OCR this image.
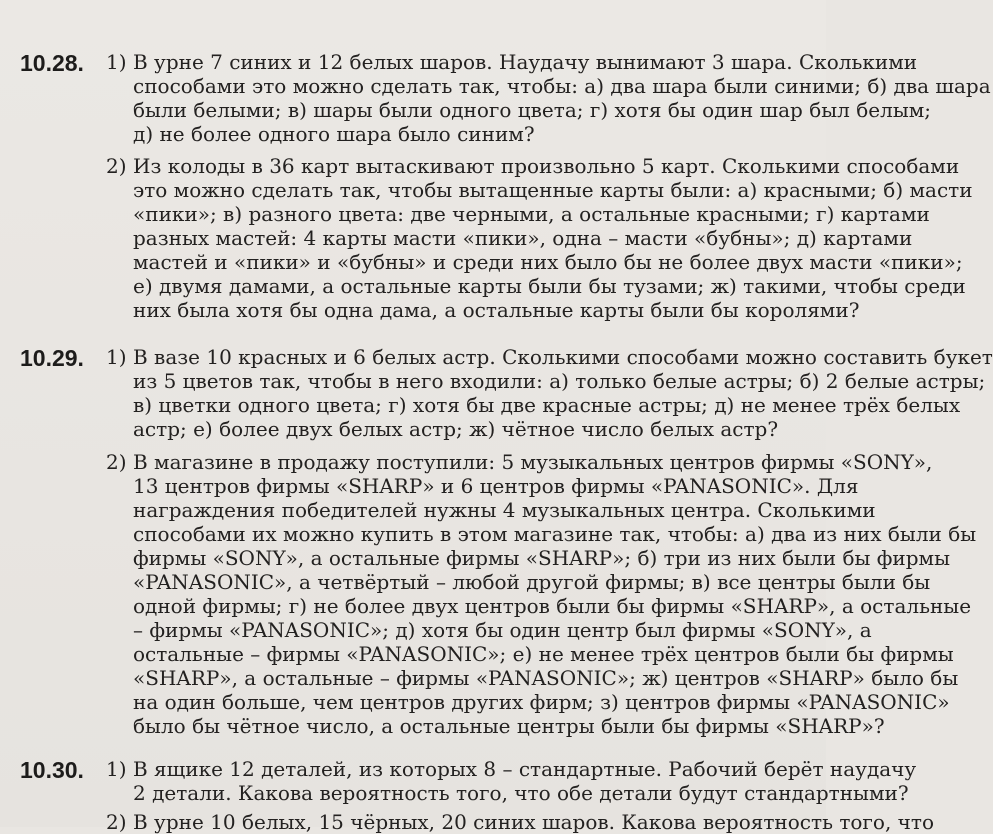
10.28. 1) В урне 7 синих и 12 белых шаров. Наудачу вынимают 3 шара. Сколькими
способами это можно сделать так, чтобы: а) два шара были синими; б) два шара
были белыми; в) шары были одного цвета; г) хотя бы один шар был белым;
д) не более одного шара было синим?
2) Из колоды в 36 карт вытаскивают произвольно 5 карт. Сколькими способами
это можно сделать так, чтобы вытащенные карты были: а) красными; б) масти
«пики»; в) разного цвета: две черными, а остальные красными; г) картами
разных мастей: 4 карты масти «пики», одна – масти «бубны»; д) картами
мастей и «пики» и «бубны» и среди них было бы не более двух масти «пики»;
е) двумя дамами, а остальные карты были бы тузами; ж) такими, чтобы среди
них была хотя бы одна дама, а остальные карты были бы королями?
10.29. 1) В вазе 10 красных и 6 белых астр. Сколькими способами можно составить букет
из 5 цветов так, чтобы в него входили: а) только белые астры; б) 2 белые астры;
в) цветки одного цвета; г) хотя бы две красные астры; д) не менее трёх белых
астр; е) более двух белых астр; ж) чётное число белых астр?
2) В магазине в продажу поступили: 5 музыкальных центров фирмы «SONY»,
13 центров фирмы «SHARP» и 6 центров фирмы «PANASONIC». Для
награждения победителей нужны 4 музыкальных центра. Сколькими
способами их можно купить в этом магазине так, чтобы: а) два из них были бы
фирмы «SONY», а остальные фирмы «SHARP»; б) три из них были бы фирмы
«PANASONIC», а четвёртый – любой другой фирмы; в) все центры были бы
одной фирмы; г) не более двух центров были бы фирмы «SHARP», а остальные
– фирмы «PANASONIC»; д) хотя бы один центр был фирмы «SONY», а
остальные – фирмы «PANASONIC»; е) не менее трёх центров были бы фирмы
«SHARP», а остальные – фирмы «PANASONIC»; ж) центров «SHARP» было бы
на один больше, чем центров других фирм; з) центров фирмы «PANASONIC»
было бы чётное число, а остальные центры были бы фирмы «SHARP»?
10.30. 1) В ящике 12 деталей, из которых 8 – стандартные. Рабочий берёт наудачу
2 детали. Какова вероятность того, что обе детали будут стандартными?
2) В урне 10 белых, 15 чёрных, 20 синих шаров. Какова вероятность того, что
